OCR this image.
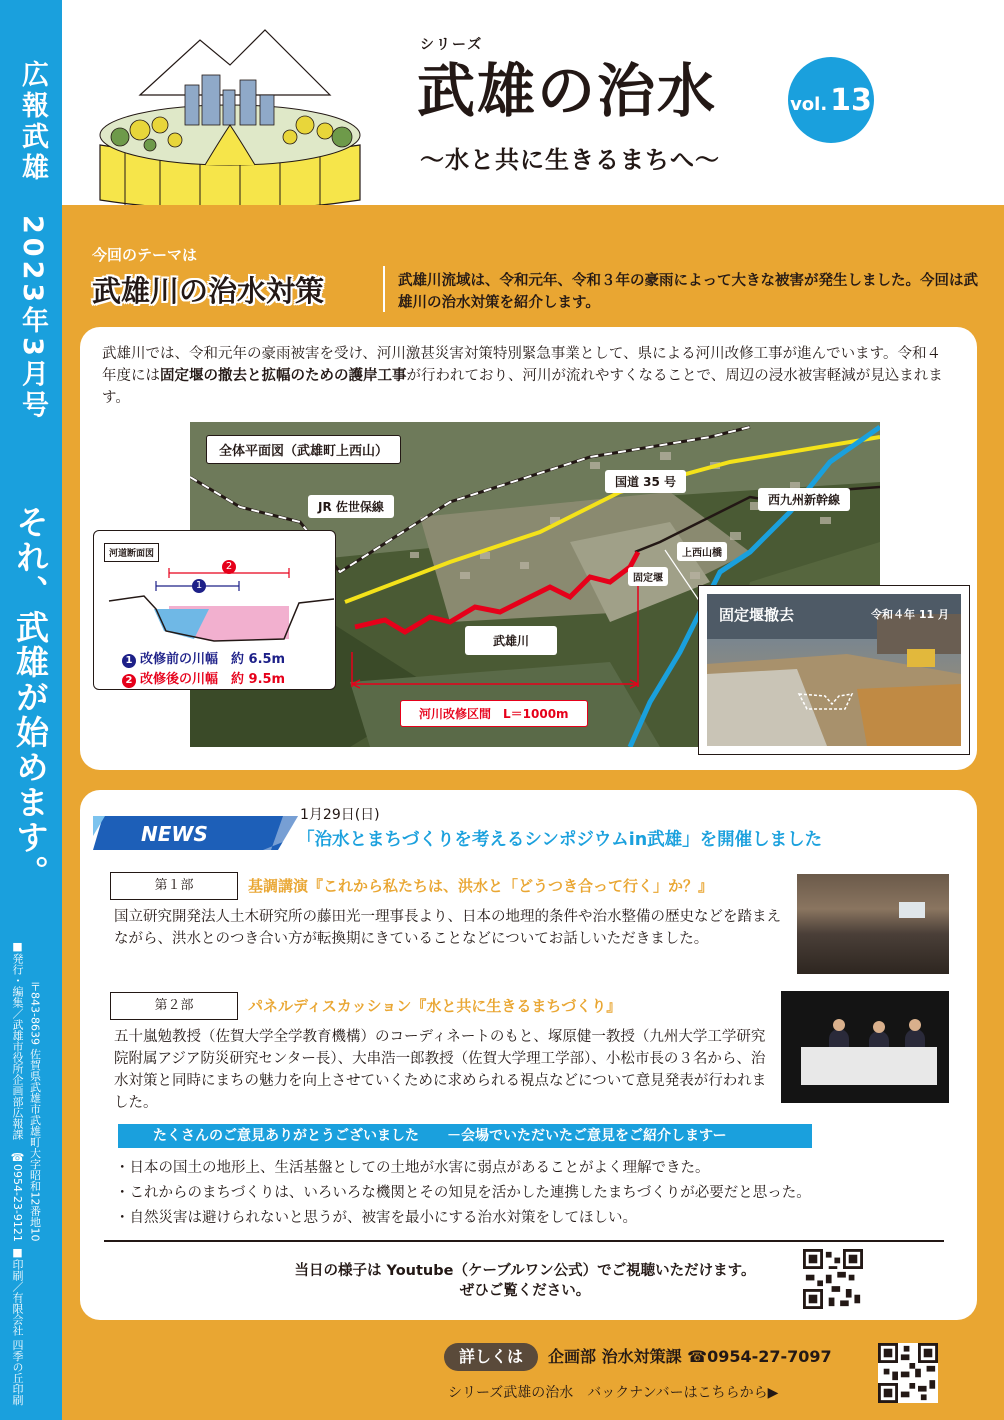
広報武雄　2023年3月号
それ、武雄が始めます。
■発行・編集／武雄市役所企画部広報課　☎0954-23-9121 〒843-8639 佐賀県武雄市武雄町大字昭和12番地10 ■印刷／有限会社 四季の丘印刷
シリーズ
武雄の治水
～水と共に生きるまちへ～
vol. 13
今回のテーマは
武雄川の治水対策	武雄川流域は、令和元年、令和３年の豪雨によって大きな被害が発生しました。今回は武雄川の治水対策を紹介します。
武雄川では、令和元年の豪雨被害を受け、河川激甚災害対策特別緊急事業として、県による河川改修工事が進んでいます。令和４年度には固定堰の撤去と拡幅のための護岸工事が行われており、河川が流れやすくなることで、周辺の浸水被害軽減が見込まれます。
全体平面図（武雄町上西山）
JR 佐世保線
国道 35 号
西九州新幹線
上西山橋
固定堰
武雄川
河川改修区間　L＝1000m
河道断面図
1
2
1 改修前の川幅　約 6.5m
2 改修後の川幅　約 9.5m
固定堰撤去	令和４年 11 月
NEWS
1月29日(日)
「治水とまちづくりを考えるシンポジウムin武雄」を開催しました
第１部	基調講演『これから私たちは、洪水と「どうつき合って行く」か？』
国立研究開発法人土木研究所の藤田光一理事長より、日本の地理的条件や治水整備の歴史などを踏まえながら、洪水とのつき合い方が転換期にきていることなどについてお話しいただきました。
第２部	パネルディスカッション『水と共に生きるまちづくり』
五十嵐勉教授（佐賀大学全学教育機構）のコーディネートのもと、塚原健一教授（九州大学工学研究院附属アジア防災研究センター長）、大串浩一郎教授（佐賀大学理工学部）、小松市長の３名から、治水対策と同時にまちの魅力を向上させていくために求められる視点などについて意見発表が行われました。
たくさんのご意見ありがとうございました　　－会場でいただいたご意見をご紹介しますー
・日本の国土の地形上、生活基盤としての土地が水害に弱点があることがよく理解できた。
・これからのまちづくりは、いろいろな機関とその知見を活かした連携したまちづくりが必要だと思った。
・自然災害は避けられないと思うが、被害を最小にする治水対策をしてほしい。
当日の様子は Youtube（ケーブルワン公式）でご視聴いただけます。
ぜひご覧ください。
詳しくは	企画部 治水対策課 ☎0954-27-7097
シリーズ武雄の治水　バックナンバーはこちらから▶
